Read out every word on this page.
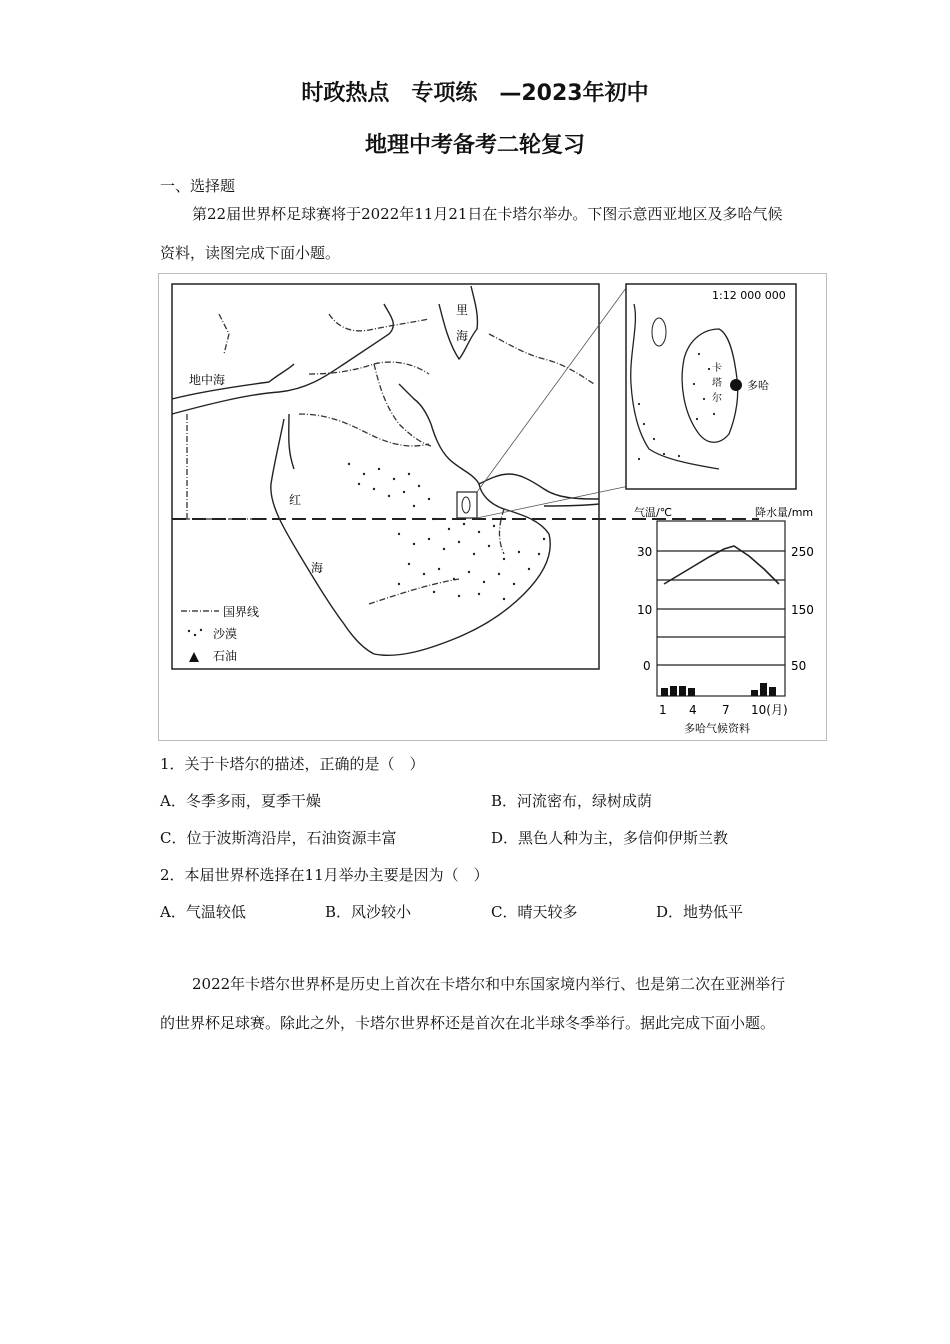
时政热点　专项练　—2023年初中
地理中考备考二轮复习
一、选择题
第22届世界杯足球赛将于2022年11月21日在卡塔尔举办。下图示意西亚地区及多哈气候资料，读图完成下面小题。
里
海
地中海
红
海
国界线
沙漠
石油
1:12 000 000
卡
塔
尔
多哈
气温/℃	降水量/mm
30
10
0
250
150
50
1 4 7 10(月)
多哈气候资料
1．关于卡塔尔的描述，正确的是（　）
A．冬季多雨，夏季干燥	B．河流密布，绿树成荫
C．位于波斯湾沿岸，石油资源丰富	D．黑色人种为主，多信仰伊斯兰教
2．本届世界杯选择在11月举办主要是因为（　）
A．气温较低	B．风沙较小	C．晴天较多	D．地势低平
2022年卡塔尔世界杯是历史上首次在卡塔尔和中东国家境内举行、也是第二次在亚洲举行的世界杯足球赛。除此之外，卡塔尔世界杯还是首次在北半球冬季举行。据此完成下面小题。
